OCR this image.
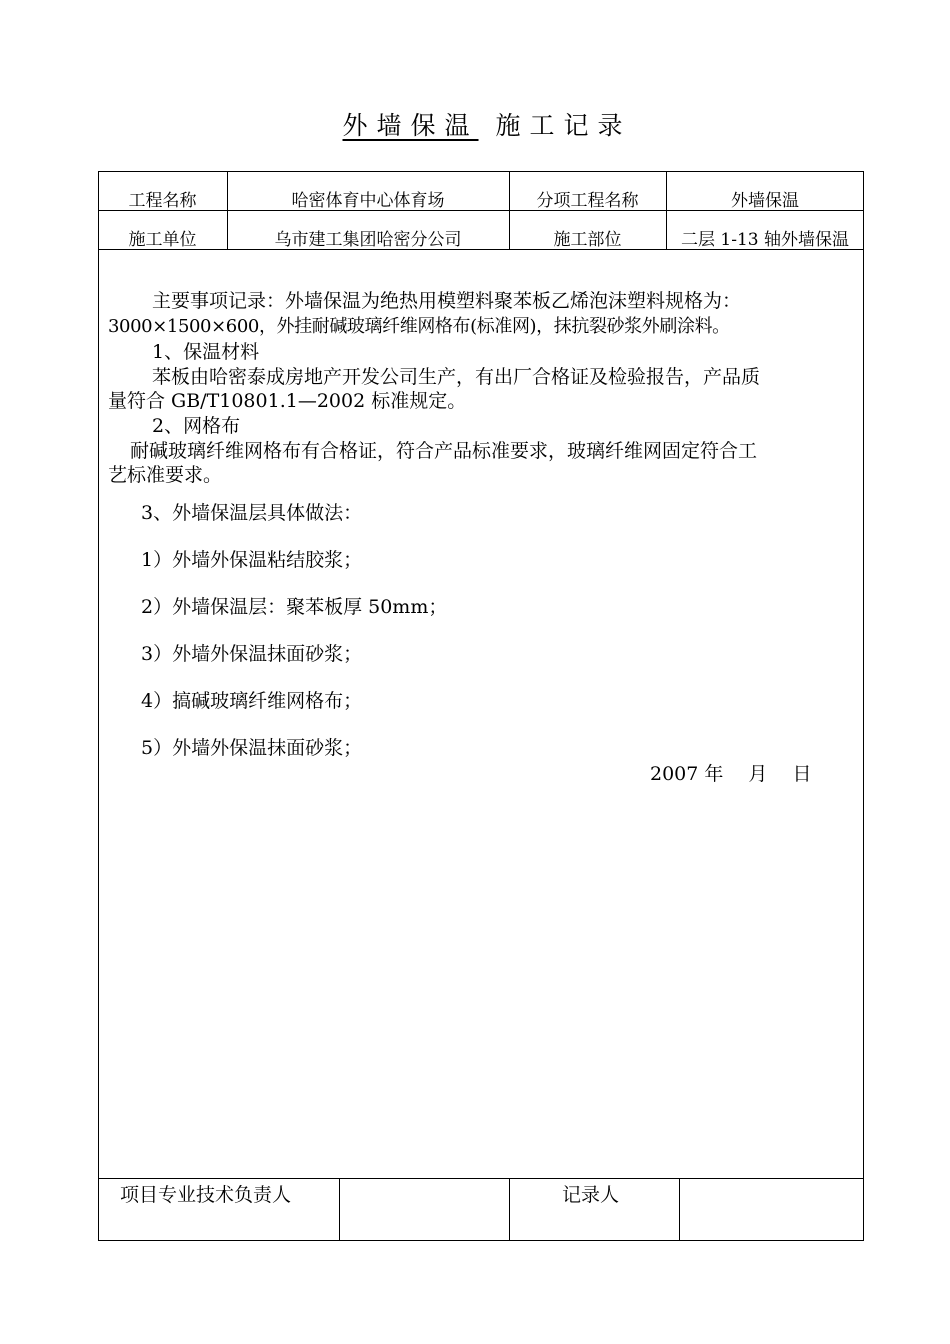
外墙保温 施工记录
工程名称	哈密体育中心体育场	分项工程名称	外墙保温
施工单位	乌市建工集团哈密分公司	施工部位	二层 1-13 轴外墙保温
主要事项记录：外墙保温为绝热用模塑料聚苯板乙烯泡沫塑料规格为：
3000×1500×600，外挂耐碱玻璃纤维网格布(标准网)，抹抗裂砂浆外刷涂料。
1、保温材料
苯板由哈密泰成房地产开发公司生产，有出厂合格证及检验报告，产品质
量符合 GB/T10801.1—2002 标准规定。
2、网格布
耐碱玻璃纤维网格布有合格证，符合产品标准要求，玻璃纤维网固定符合工
艺标准要求。
3、外墙保温层具体做法：
1）外墙外保温粘结胶浆；
2）外墙保温层：聚苯板厚 50mm；
3）外墙外保温抹面砂浆；
4）搞碱玻璃纤维网格布；
5）外墙外保温抹面砂浆；
2007 年　 月　 日
项目专业技术负责人	记录人
